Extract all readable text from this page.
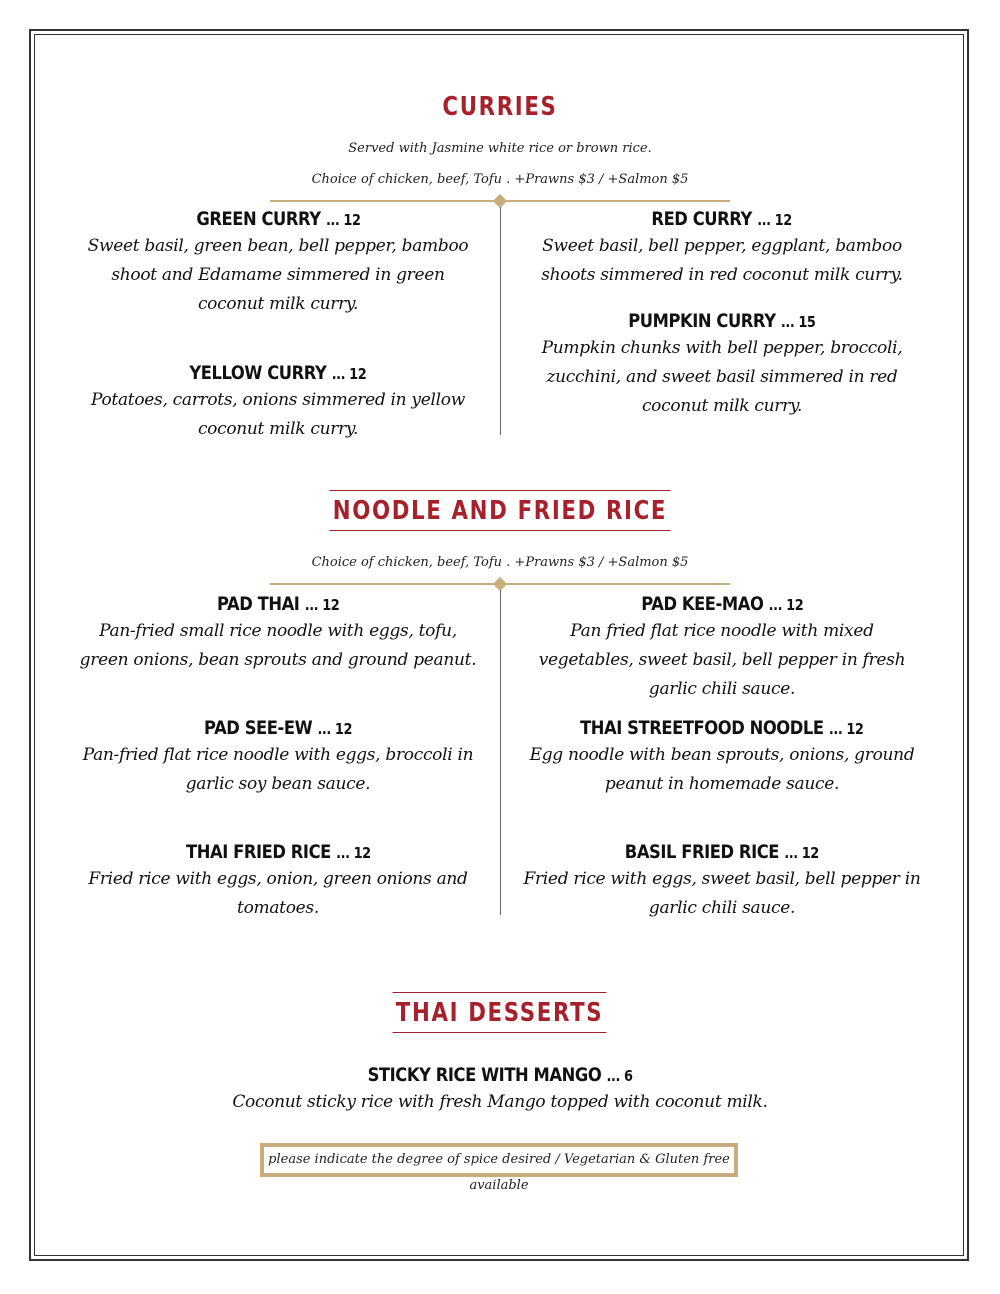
CURRIES
Served with Jasmine white rice or brown rice.
Choice of chicken, beef, Tofu . +Prawns $3 / +Salmon $5
GREEN CURRY ... 12
Sweet basil, green bean, bell pepper, bamboo shoot and Edamame simmered in green coconut milk curry.
RED CURRY ... 12
Sweet basil, bell pepper, eggplant, bamboo shoots simmered in red coconut milk curry.
PUMPKIN CURRY ... 15
Pumpkin chunks with bell pepper, broccoli, zucchini, and sweet basil simmered in red coconut milk curry.
YELLOW CURRY ... 12
Potatoes, carrots, onions simmered in yellow coconut milk curry.
NOODLE AND FRIED RICE
Choice of chicken, beef, Tofu . +Prawns $3 / +Salmon $5
PAD THAI ... 12
Pan-fried small rice noodle with eggs, tofu, green onions, bean sprouts and ground peanut.
PAD KEE-MAO ... 12
Pan fried flat rice noodle with mixed vegetables, sweet basil, bell pepper in fresh garlic chili sauce.
PAD SEE-EW ... 12
Pan-fried flat rice noodle with eggs, broccoli in garlic soy bean sauce.
THAI STREETFOOD NOODLE ... 12
Egg noodle with bean sprouts, onions, ground peanut in homemade sauce.
THAI FRIED RICE ... 12
Fried rice with eggs, onion, green onions and tomatoes.
BASIL FRIED RICE ... 12
Fried rice with eggs, sweet basil, bell pepper in garlic chili sauce.
THAI DESSERTS
STICKY RICE WITH MANGO ... 6
Coconut sticky rice with fresh Mango topped with coconut milk.
please indicate the degree of spice desired / Vegetarian & Gluten free available
